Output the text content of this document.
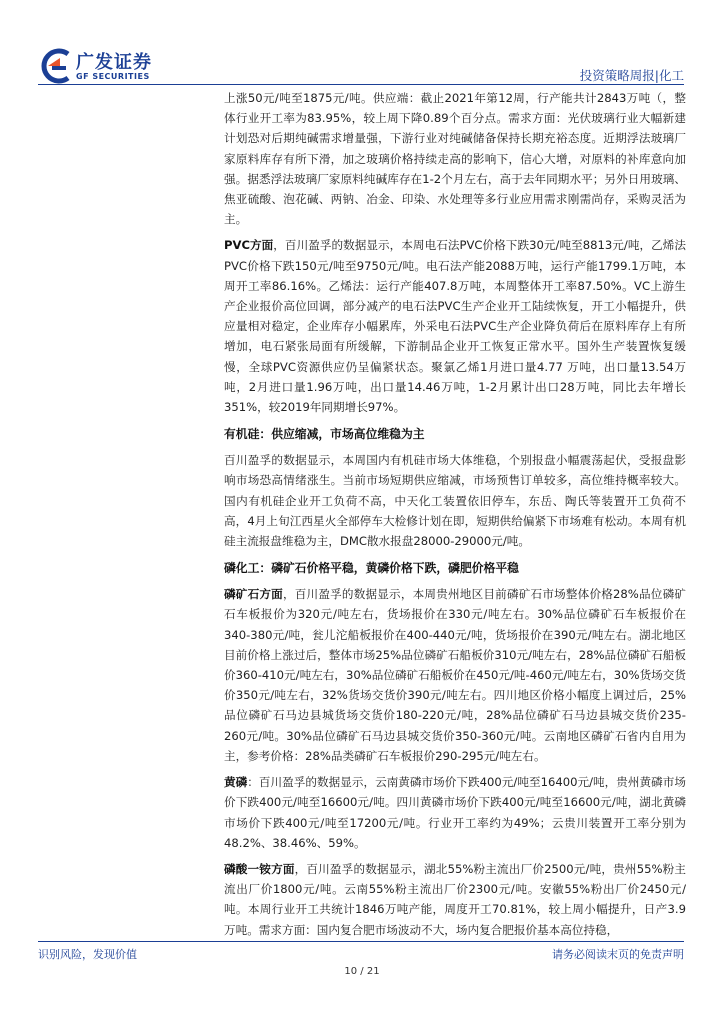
广发证券
GF SECURITIES	投资策略周报|化工

上涨50元/吨至1875元/吨。供应端：截止2021年第12周，行产能共计2843万吨（，整体行业开工率为83.95%，较上周下降0.89个百分点。需求方面：光伏玻璃行业大幅新建计划恐对后期纯碱需求增量强，下游行业对纯碱储备保持长期充裕态度。近期浮法玻璃厂家原料库存有所下滑，加之玻璃价格持续走高的影响下，信心大增，对原料的补库意向加强。据悉浮法玻璃厂家原料纯碱库存在1-2个月左右，高于去年同期水平；另外日用玻璃、焦亚硫酸、泡花碱、两钠、冶金、印染、水处理等多行业应用需求刚需尚存，采购灵活为主。

PVC方面，百川盈孚的数据显示，本周电石法PVC价格下跌30元/吨至8813元/吨，乙烯法PVC价格下跌150元/吨至9750元/吨。电石法产能2088万吨，运行产能1799.1万吨，本周开工率86.16%。乙烯法：运行产能407.8万吨，本周整体开工率87.50%。VC上游生产企业报价高位回调，部分减产的电石法PVC生产企业开工陆续恢复，开工小幅提升，供应量相对稳定，企业库存小幅累库，外采电石法PVC生产企业降负荷后在原料库存上有所增加，电石紧张局面有所缓解，下游制品企业开工恢复正常水平。国外生产装置恢复缓慢，全球PVC资源供应仍呈偏紧状态。聚氯乙烯1月进口量4.77 万吨，出口量13.54万吨，2月进口量1.96万吨，出口量14.46万吨，1-2月累计出口28万吨，同比去年增长351%，较2019年同期增长97%。

有机硅：供应缩减，市场高位维稳为主

百川盈孚的数据显示，本周国内有机硅市场大体维稳，个别报盘小幅震荡起伏，受报盘影响市场恐高情绪涨生。当前市场短期供应缩减，市场预售订单较多，高位维持概率较大。国内有机硅企业开工负荷不高，中天化工装置依旧停车，东岳、陶氏等装置开工负荷不高，4月上旬江西星火全部停车大检修计划在即，短期供给偏紧下市场难有松动。本周有机硅主流报盘维稳为主，DMC散水报盘28000-29000元/吨。

磷化工：磷矿石价格平稳，黄磷价格下跌，磷肥价格平稳

磷矿石方面，百川盈孚的数据显示，本周贵州地区目前磷矿石市场整体价格28%品位磷矿石车板报价为320元/吨左右，货场报价在330元/吨左右。30%品位磷矿石车板报价在340-380元/吨，瓮儿沱船板报价在400-440元/吨，货场报价在390元/吨左右。湖北地区目前价格上涨过后，整体市场25%品位磷矿石船板价310元/吨左右，28%品位磷矿石船板价360-410元/吨左右，30%品位磷矿石船板价在450元/吨-460元/吨左右，30%货场交货价350元/吨左右，32%货场交货价390元/吨左右。四川地区价格小幅度上调过后，25%品位磷矿石马边县城货场交货价180-220元/吨，28%品位磷矿石马边县城交货价235-260元/吨。30%品位磷矿石马边县城交货价350-360元/吨。云南地区磷矿石省内自用为主，参考价格：28%品类磷矿石车板报价290-295元/吨左右。

黄磷：百川盈孚的数据显示，云南黄磷市场价下跌400元/吨至16400元/吨，贵州黄磷市场价下跌400元/吨至16600元/吨。四川黄磷市场价下跌400元/吨至16600元/吨，湖北黄磷市场价下跌400元/吨至17200元/吨。行业开工率约为49%；云贵川装置开工率分别为48.2%、38.46%、59%。

磷酸一铵方面，百川盈孚的数据显示，湖北55%粉主流出厂价2500元/吨，贵州55%粉主流出厂价1800元/吨。云南55%粉主流出厂价2300元/吨。安徽55%粉出厂价2450元/吨。本周行业开工共统计1846万吨产能，周度开工70.81%，较上周小幅提升，日产3.9万吨。需求方面：国内复合肥市场波动不大，场内复合肥报价基本高位持稳，

识别风险，发现价值	请务必阅读末页的免责声明
10 / 21
